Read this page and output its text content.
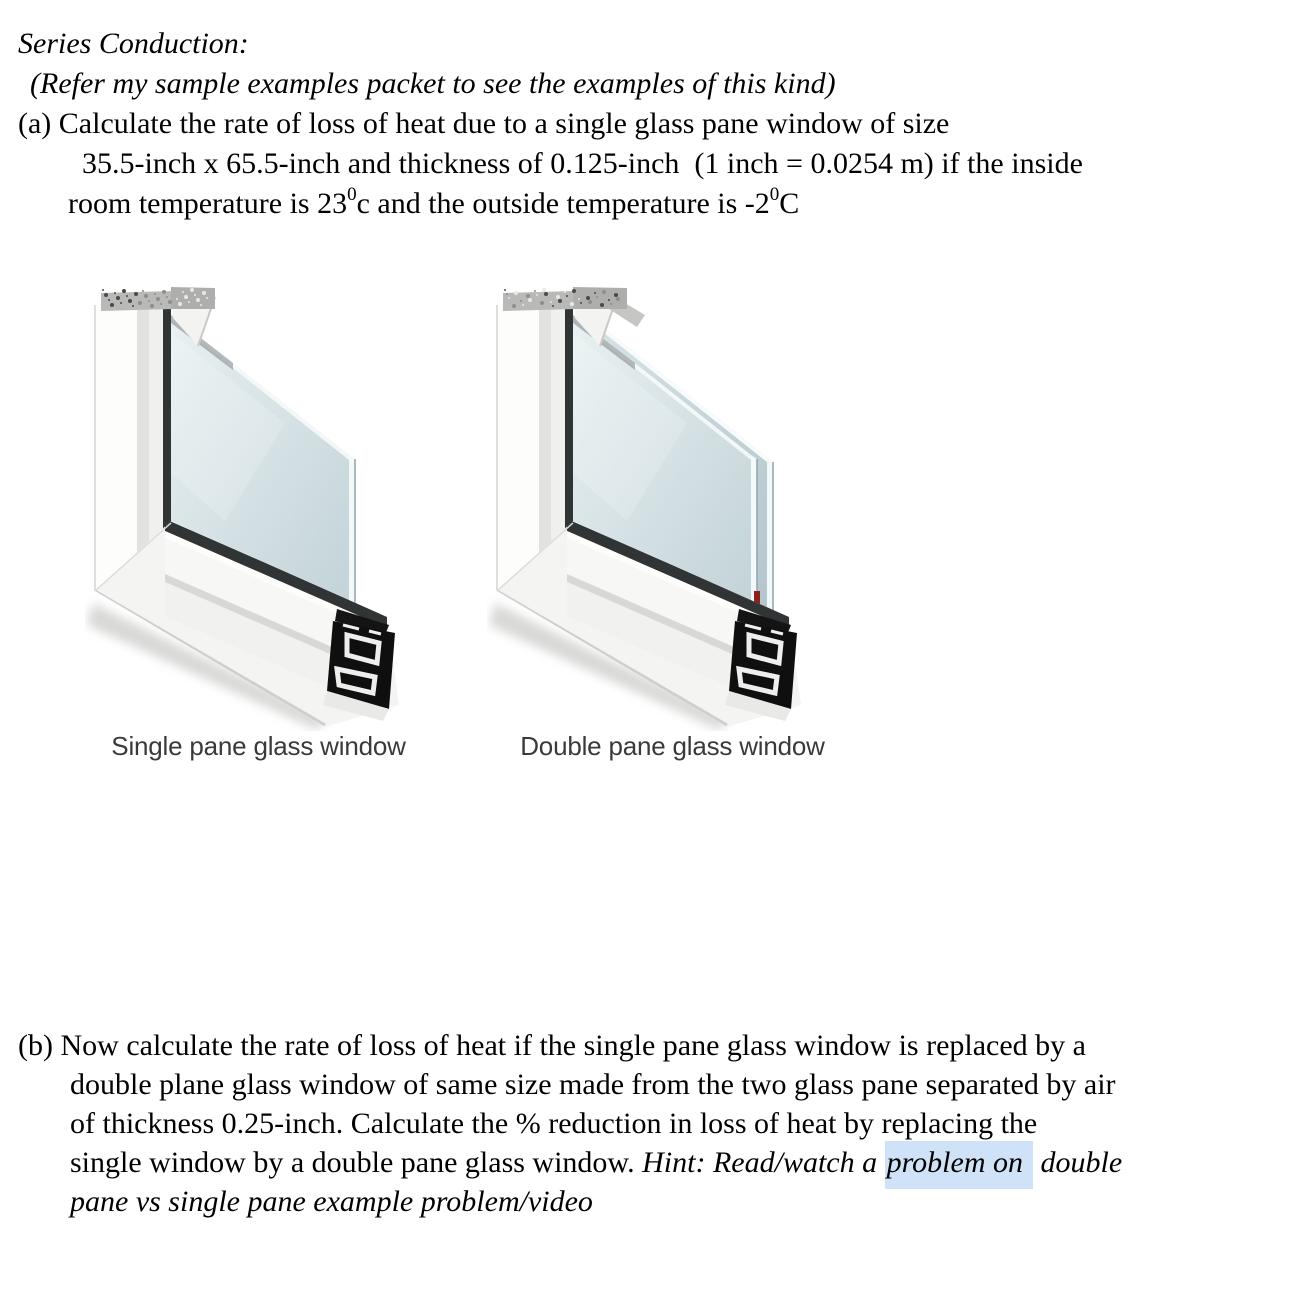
Series Conduction:
(Refer my sample examples packet to see the examples of this kind)
(a) Calculate the rate of loss of heat due to a single glass pane window of size
35.5-inch x 65.5-inch and thickness of 0.125-inch  (1 inch = 0.0254 m) if the inside
room temperature is $23^0c$ and the outside temperature is $-2^0C$
Single pane glass window	Double pane glass window
(b) Now calculate the rate of loss of heat if the single pane glass window is replaced by a
double plane glass window of same size made from the two glass pane separated by air
of thickness 0.25-inch. Calculate the % reduction in loss of heat by replacing the
single window by a double pane glass window. Hint: Read/watch a problem on double
pane vs single pane example problem/video
